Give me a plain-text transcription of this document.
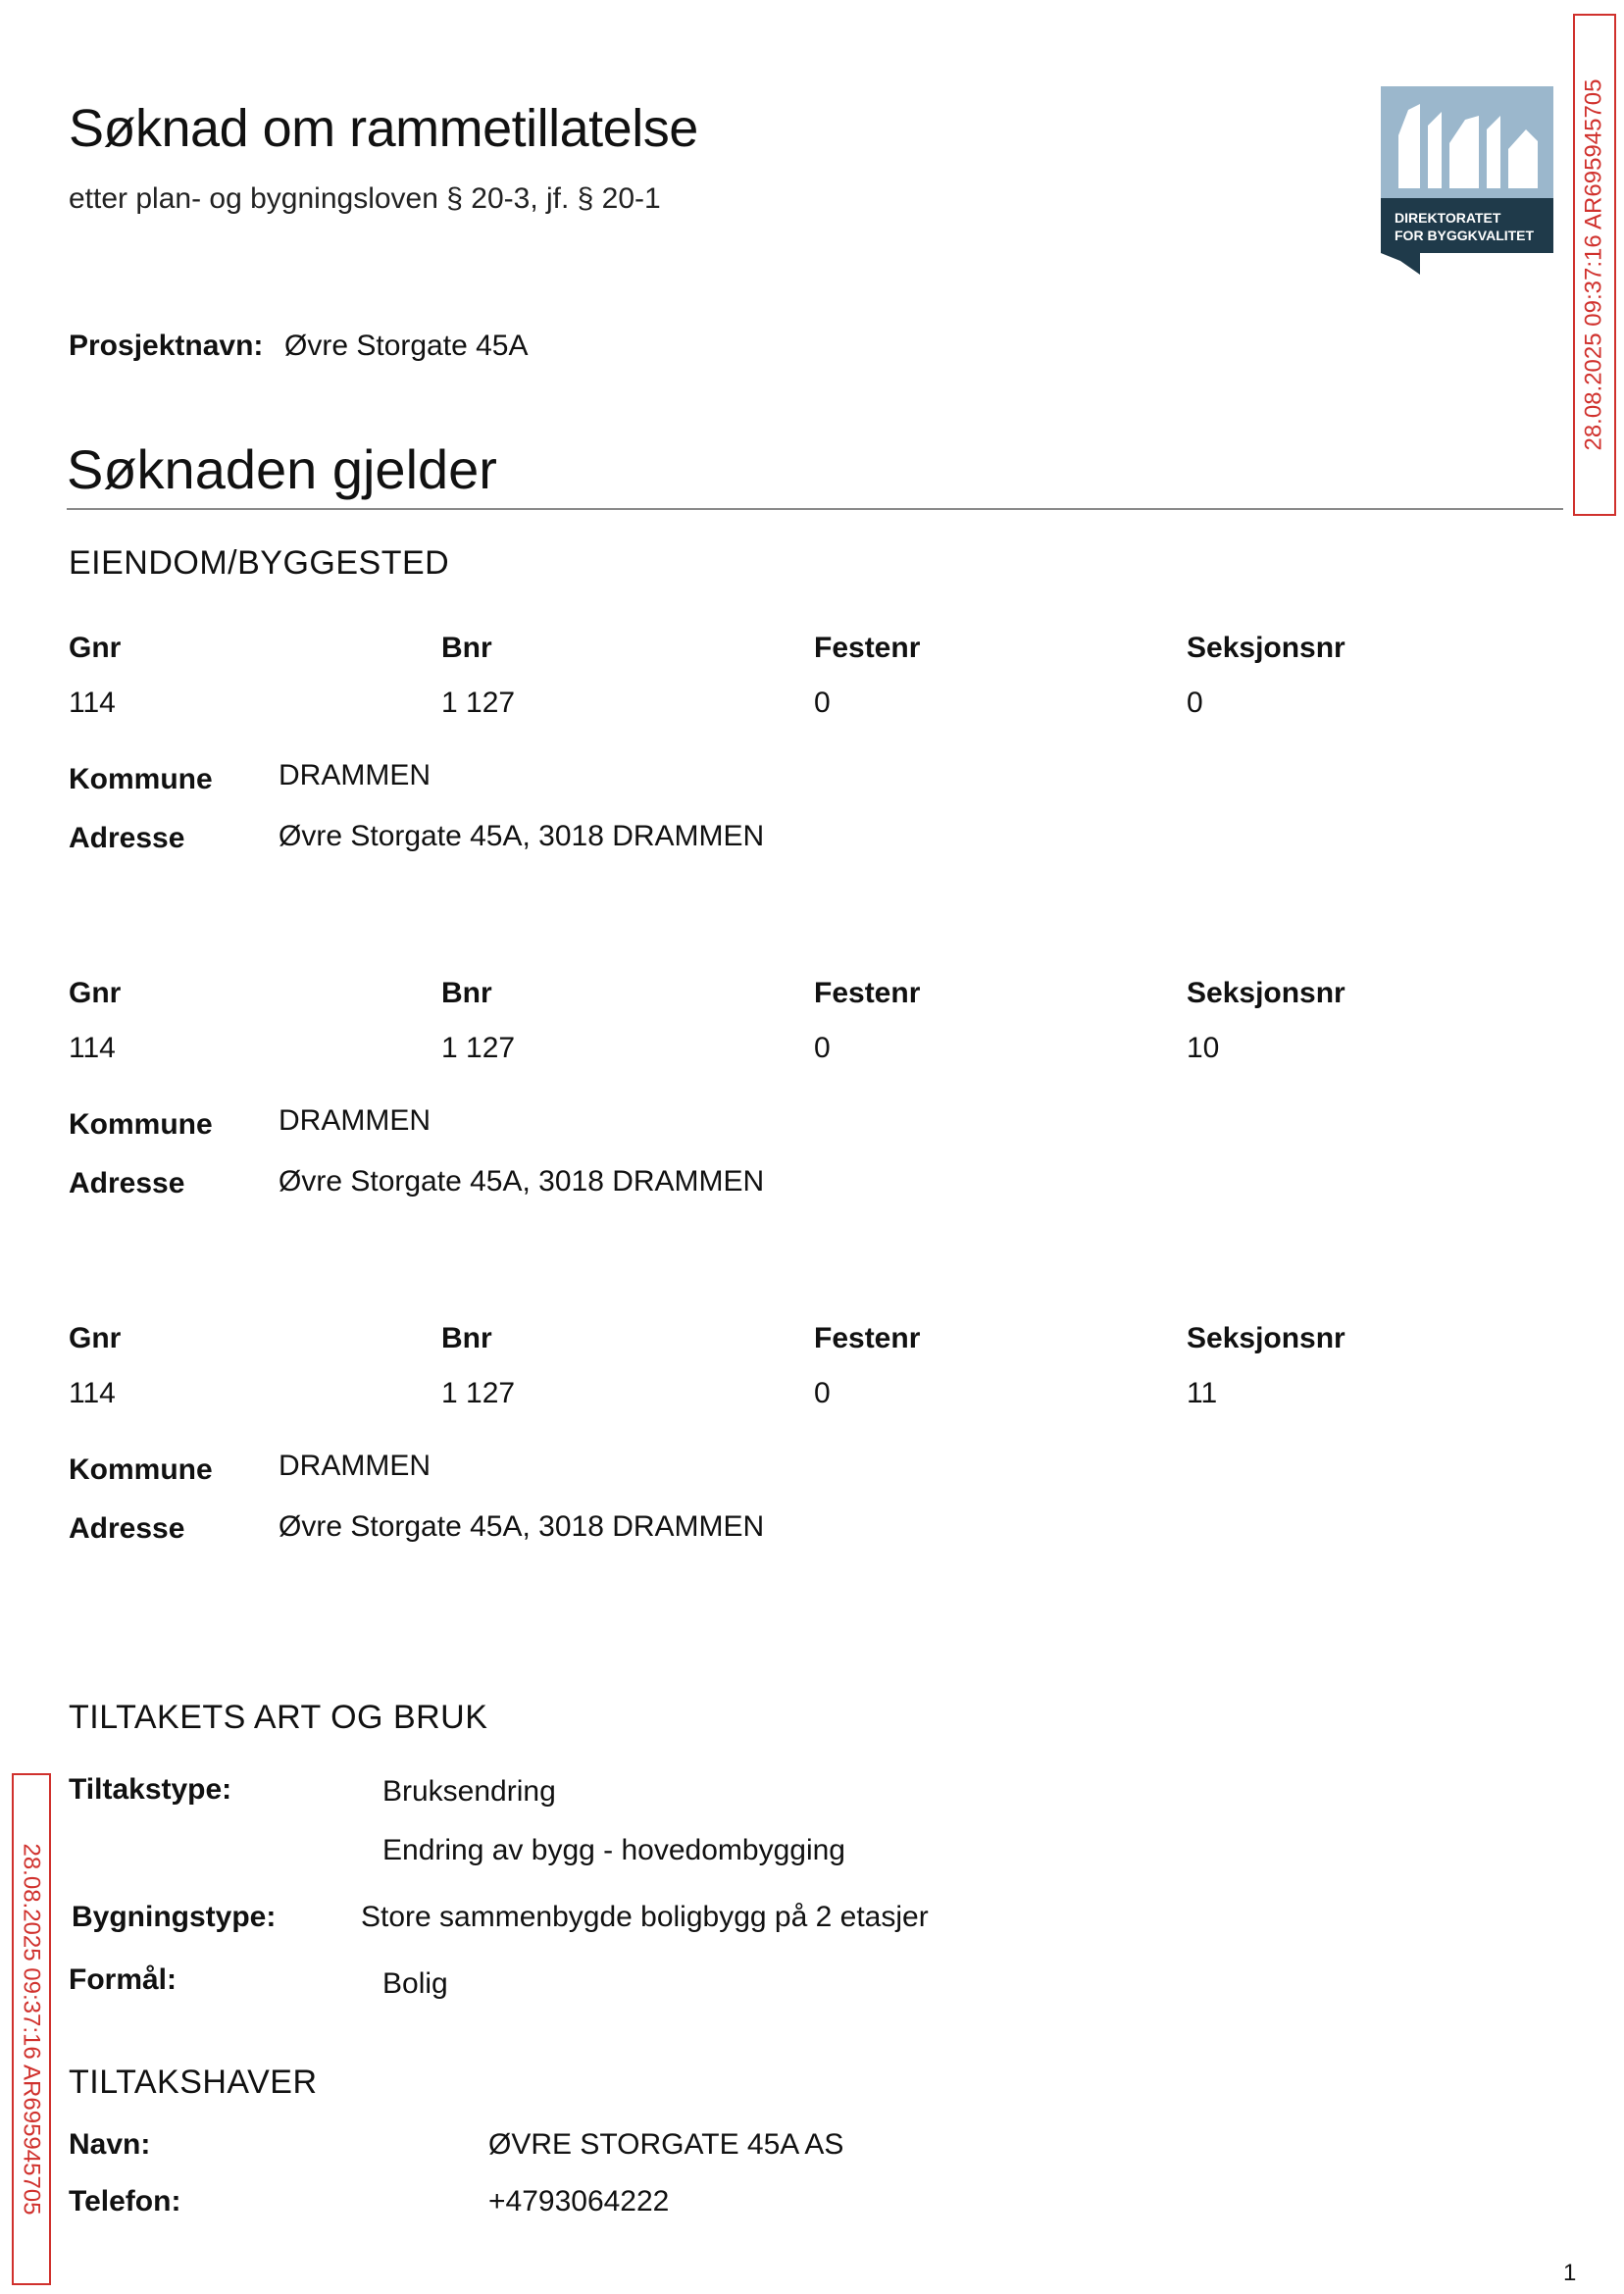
Søknad om rammetillatelse
etter plan- og bygningsloven § 20-3, jf. § 20-1
Prosjektnavn: Øvre Storgate 45A
DIREKTORATET
FOR BYGGKVALITET 28.08.2025 09:37:16 AR695945705
28.08.2025 09:37:16 AR695945705
Søknaden gjelder
EIENDOM/BYGGESTED
Gnr	Bnr	Festenr	Seksjonsnr
114	1 127	0	0
Kommune DRAMMEN
Adresse	Øvre Storgate 45A, 3018 DRAMMEN
Gnr	Bnr	Festenr	Seksjonsnr
114	1 127	0	10
Kommune DRAMMEN
Adresse	Øvre Storgate 45A, 3018 DRAMMEN
Gnr	Bnr	Festenr	Seksjonsnr
114	1 127	0	11
Kommune DRAMMEN
Adresse	Øvre Storgate 45A, 3018 DRAMMEN
TILTAKETS ART OG BRUK
Tiltakstype:	Bruksendring
Endring av bygg - hovedombygging
Bygningstype:	Store sammenbygde boligbygg på 2 etasjer
Formål:	Bolig
TILTAKSHAVER
Navn:	ØVRE STORGATE 45A AS
Telefon:	+4793064222
1
